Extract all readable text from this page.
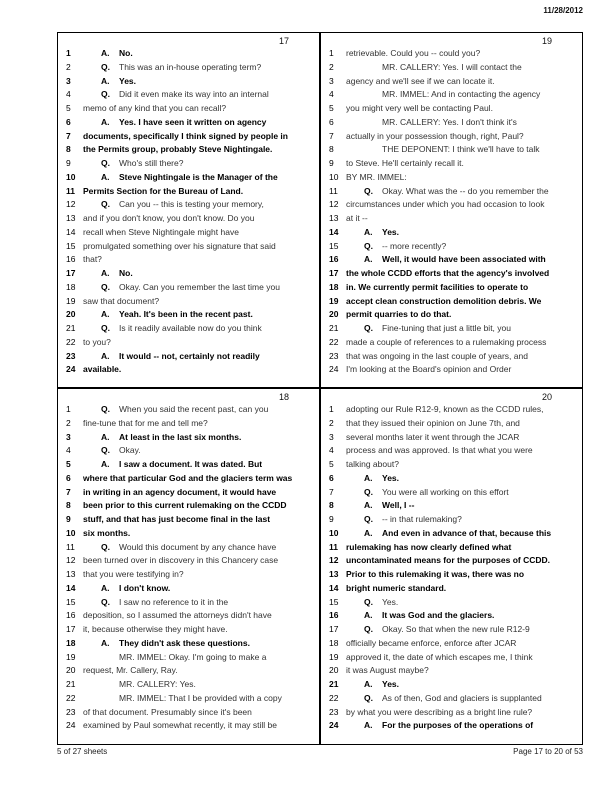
11/28/2012
17
1	A. No.
2	Q. This was an in-house operating term?
3	A. Yes.
4	Q. Did it even make its way into an internal
5	memo of any kind that you can recall?
6	A. Yes. I have seen it written on agency
7	documents, specifically I think signed by people in
8	the Permits group, probably Steve Nightingale.
9	Q. Who's still there?
10	A. Steve Nightingale is the Manager of the
11 Permits Section for the Bureau of Land.
12	Q. Can you -- this is testing your memory,
13 and if you don't know, you don't know. Do you
14 recall when Steve Nightingale might have
15 promulgated something over his signature that said
16 that?
17	A. No.
18	Q. Okay. Can you remember the last time you
19 saw that document?
20	A. Yeah. It's been in the recent past.
21	Q. Is it readily available now do you think
22 to you?
23	A. It would -- not, certainly not readily
24 available.
19
1	retrievable. Could you -- could you?
2	MR. CALLERY: Yes. I will contact the
3	agency and we'll see if we can locate it.
4	MR. IMMEL: And in contacting the agency
5	you might very well be contacting Paul.
6	MR. CALLERY: Yes. I don't think it's
7	actually in your possession though, right, Paul?
8	THE DEPONENT: I think we'll have to talk
9	to Steve. He'll certainly recall it.
10 BY MR. IMMEL:
11	Q. Okay. What was the -- do you remember the
12 circumstances under which you had occasion to look
13 at it --
14	A. Yes.
15	Q. -- more recently?
16	A. Well, it would have been associated with
17 the whole CCDD efforts that the agency's involved
18 in. We currently permit facilities to operate to
19 accept clean construction demolition debris. We
20 permit quarries to do that.
21	Q. Fine-tuning that just a little bit, you
22 made a couple of references to a rulemaking process
23 that was ongoing in the last couple of years, and
24 I'm looking at the Board's opinion and Order
18
1	Q. When you said the recent past, can you
2	fine-tune that for me and tell me?
3	A. At least in the last six months.
4	Q. Okay.
5	A. I saw a document. It was dated. But
6	where that particular God and the glaciers term was
7	in writing in an agency document, it would have
8	been prior to this current rulemaking on the CCDD
9	stuff, and that has just become final in the last
10 six months.
11	Q. Would this document by any chance have
12 been turned over in discovery in this Chancery case
13 that you were testifying in?
14	A. I don't know.
15	Q. I saw no reference to it in the
16 deposition, so I assumed the attorneys didn't have
17 it, because otherwise they might have.
18	A. They didn't ask these questions.
19	MR. IMMEL: Okay. I'm going to make a
20 request, Mr. Callery, Ray.
21	MR. CALLERY: Yes.
22	MR. IMMEL: That I be provided with a copy
23 of that document. Presumably since it's been
24 examined by Paul somewhat recently, it may still be
20
1	adopting our Rule R12-9, known as the CCDD rules,
2	that they issued their opinion on June 7th, and
3	several months later it went through the JCAR
4	process and was approved. Is that what you were
5	talking about?
6	A. Yes.
7	Q. You were all working on this effort
8	A. Well, I --
9	Q. -- in that rulemaking?
10	A. And even in advance of that, because this
11 rulemaking has now clearly defined what
12 uncontaminated means for the purposes of CCDD.
13 Prior to this rulemaking it was, there was no
14 bright numeric standard.
15	Q. Yes.
16	A. It was God and the glaciers.
17	Q. Okay. So that when the new rule R12-9
18 officially became enforce, enforce after JCAR
19 approved it, the date of which escapes me, I think
20 it was August maybe?
21	A. Yes.
22	Q. As of then, God and glaciers is supplanted
23 by what you were describing as a bright line rule?
24	A. For the purposes of the operations of
5 of 27 sheets	Page 17 to 20 of 53
